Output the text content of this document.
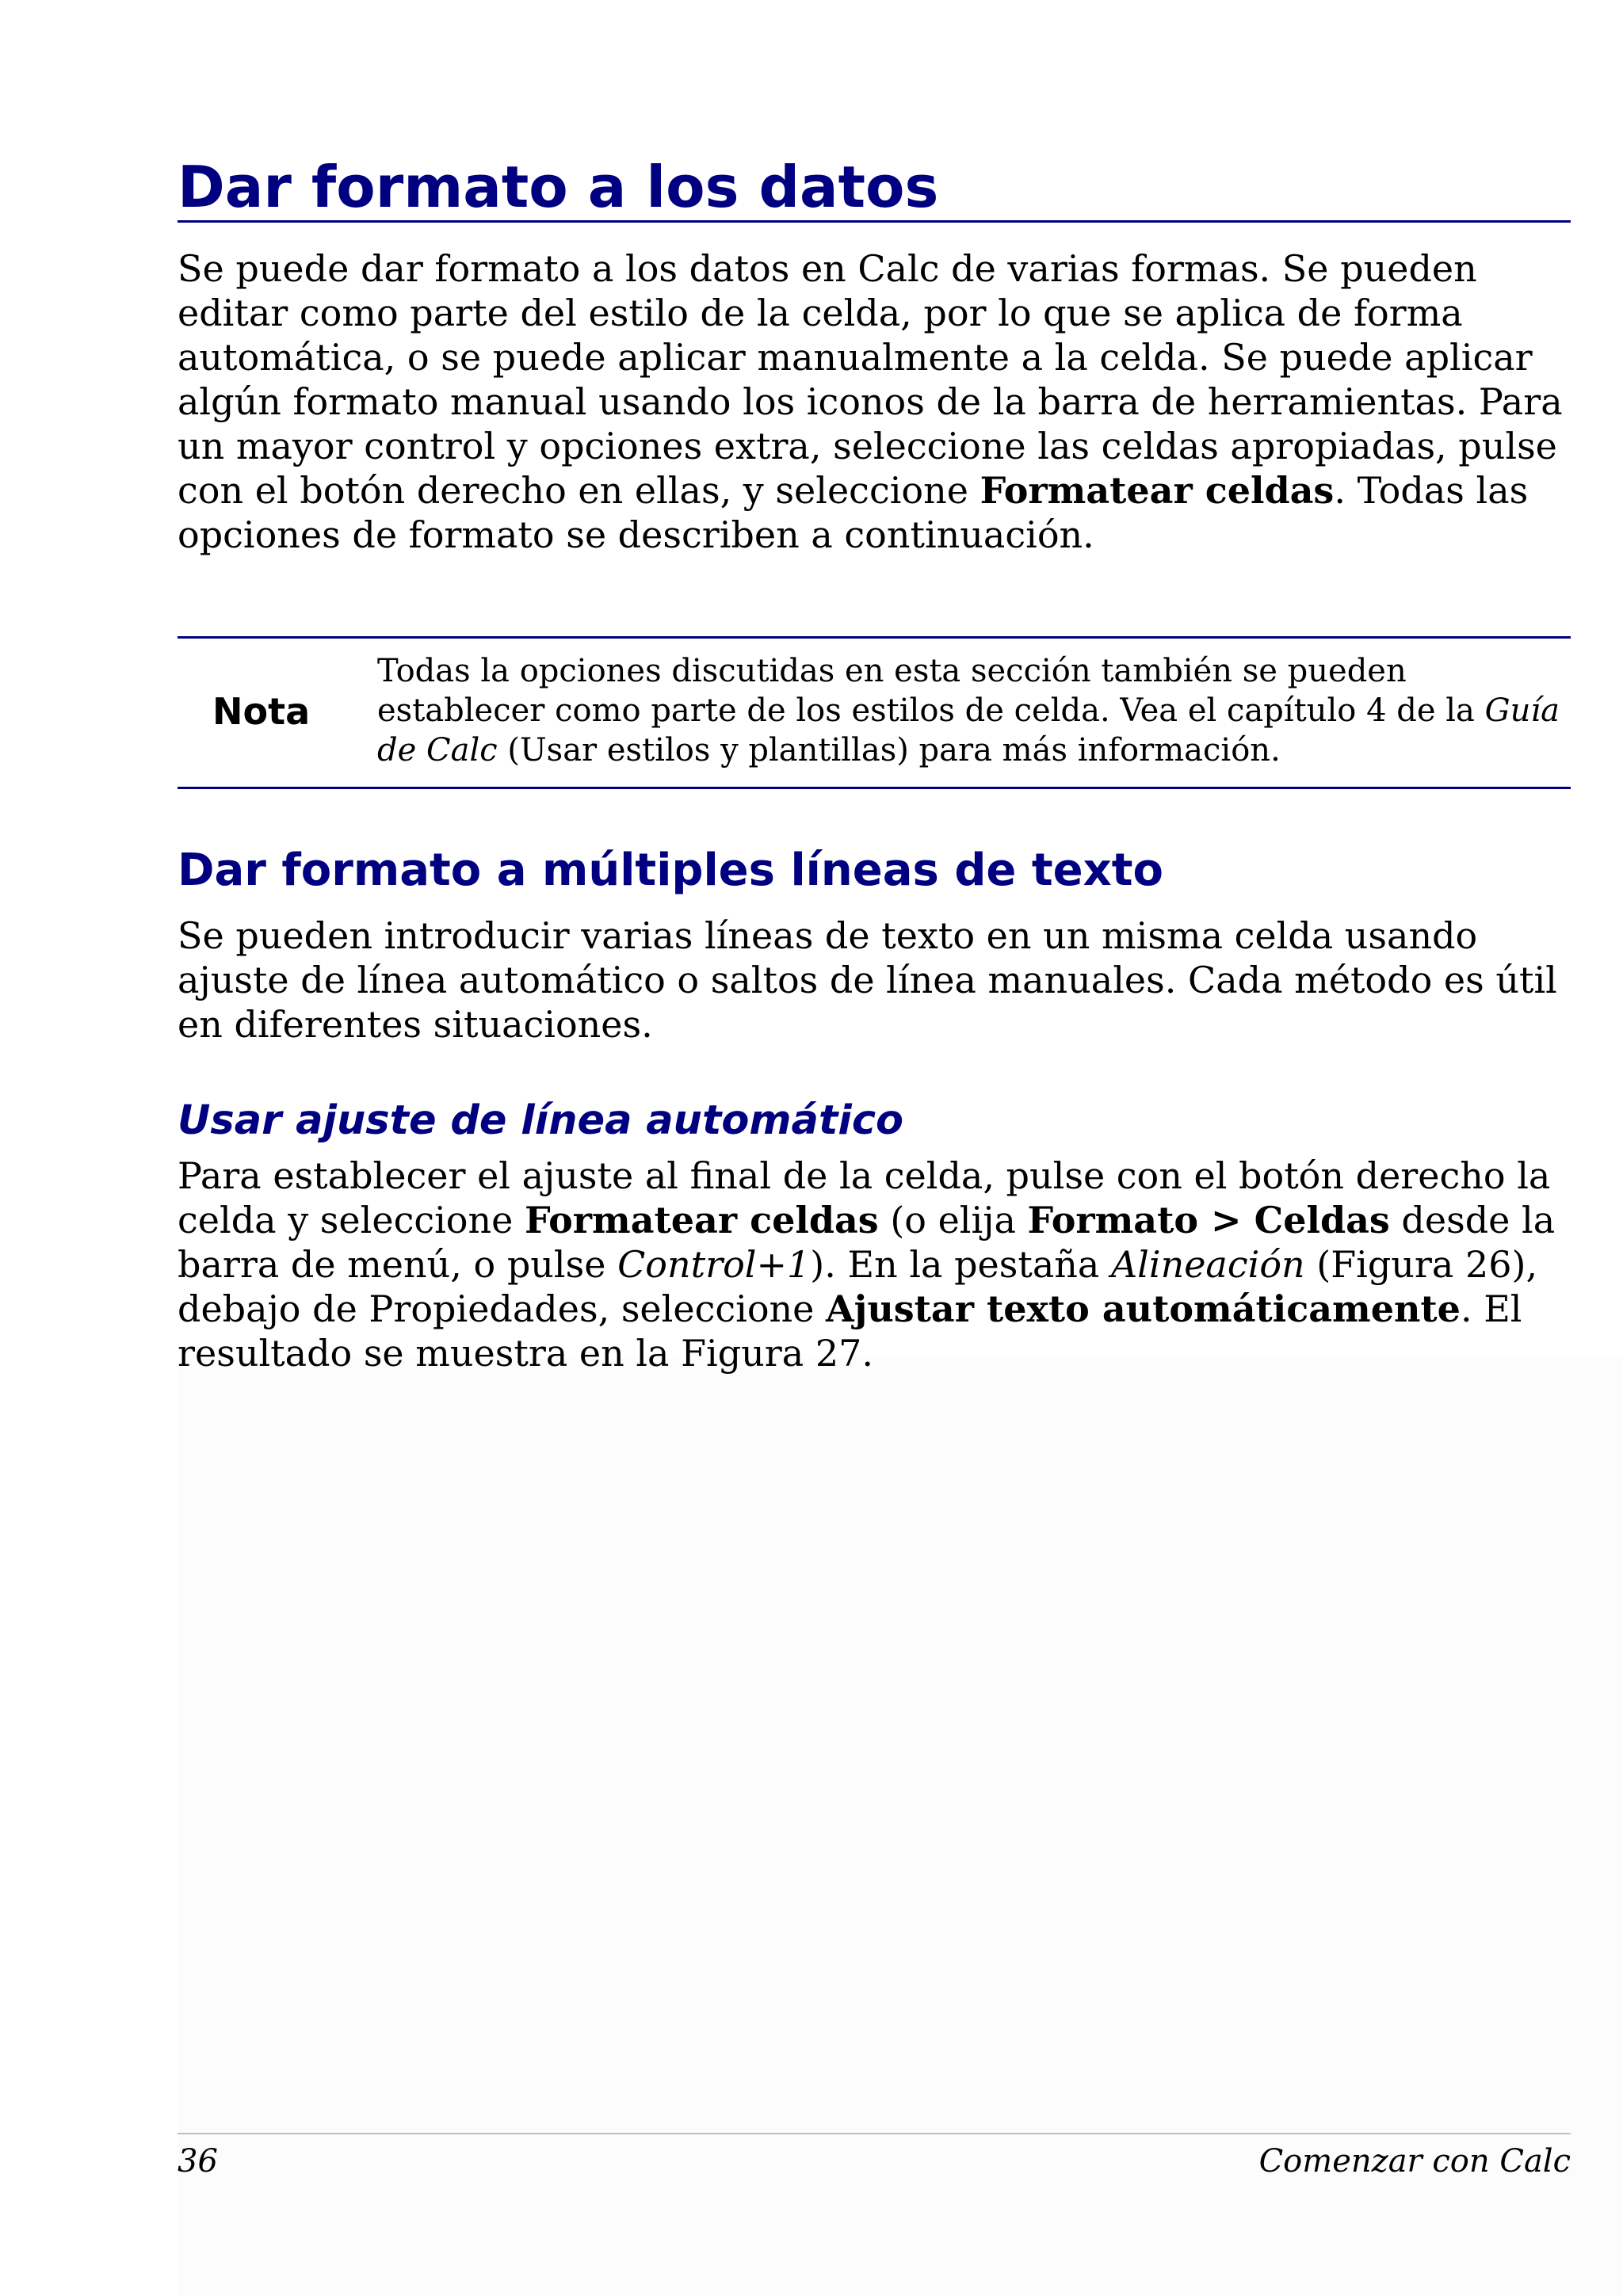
Dar formato a los datos

Se puede dar formato a los datos en Calc de varias formas. Se pueden editar como parte del estilo de la celda, por lo que se aplica de forma automática, o se puede aplicar manualmente a la celda. Se puede aplicar algún formato manual usando los iconos de la barra de herramientas. Para un mayor control y opciones extra, seleccione las celdas apropiadas, pulse con el botón derecho en ellas, y seleccione Formatear celdas. Todas las opciones de formato se describen a continuación.

Nota
Todas la opciones discutidas en esta sección también se pueden establecer como parte de los estilos de celda. Vea el capítulo 4 de la Guía de Calc (Usar estilos y plantillas) para más información.
Dar formato a múltiples líneas de texto

Se pueden introducir varias líneas de texto en un misma celda usando ajuste de línea automático o saltos de línea manuales. Cada método es útil en diferentes situaciones.

Usar ajuste de línea automático

Para establecer el ajuste al final de la celda, pulse con el botón derecho la celda y seleccione Formatear celdas (o elija Formato > Celdas desde la barra de menú, o pulse Control+1). En la pestaña Alineación (Figura 26), debajo de Propiedades, seleccione Ajustar texto automáticamente. El resultado se muestra en la Figura 27.

36	Comenzar con Calc
